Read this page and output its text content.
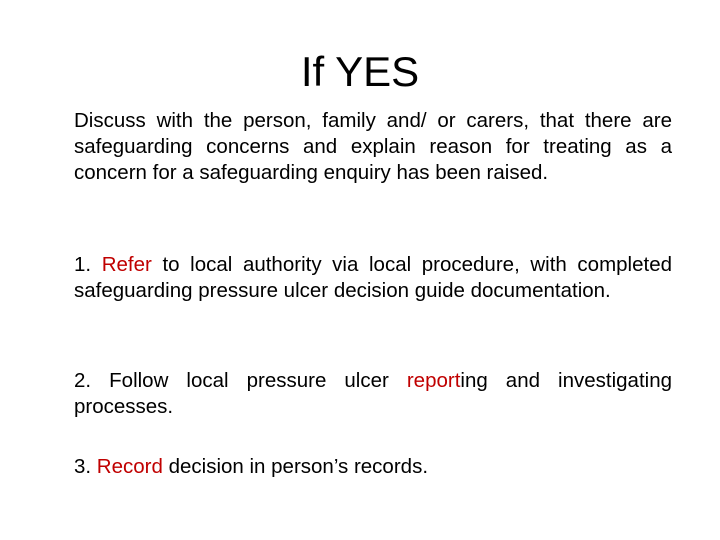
If YES
Discuss with the person, family and/ or carers, that there are safeguarding concerns and explain reason for treating as a concern for a safeguarding enquiry has been raised.
1. Refer to local authority via local procedure, with completed safeguarding pressure ulcer decision guide documentation.
2. Follow local pressure ulcer reporting and investigating processes.
3. Record decision in person’s records.
